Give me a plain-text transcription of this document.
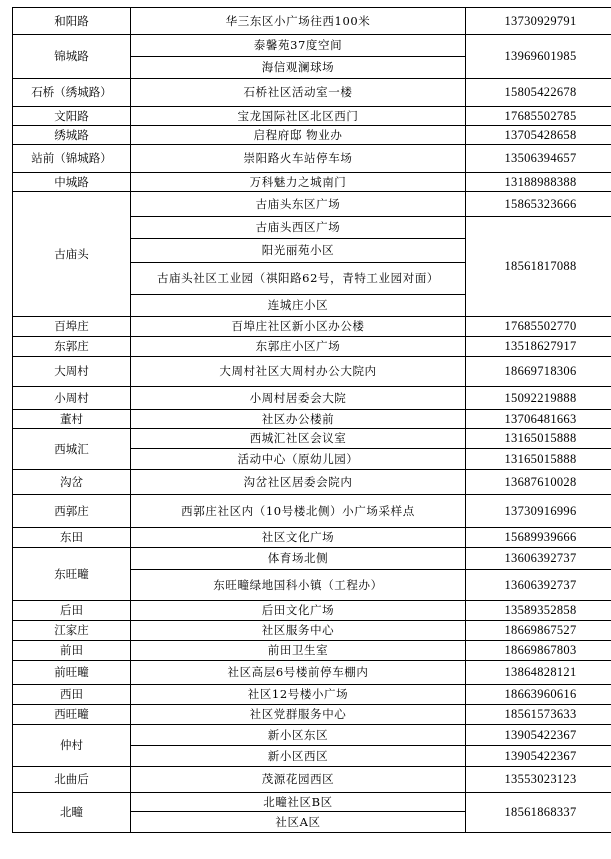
和阳路	华三东区小广场往西100米	13730929791
锦城路	泰馨苑37度空间	13969601985
	海信观澜球场	
石桥（绣城路）	石桥社区活动室一楼	15805422678
文阳路	宝龙国际社区北区西门	17685502785
绣城路	启程府邸 物业办	13705428658
站前（锦城路）	崇阳路火车站停车场	13506394657
中城路	万科魅力之城南门	13188988388
古庙头	古庙头东区广场	15865323666
	古庙头西区广场	18561817088
	阳光丽苑小区	
	古庙头社区工业园（祺阳路62号，青特工业园对面）	
	连城庄小区	
百埠庄	百埠庄社区新小区办公楼	17685502770
东郭庄	东郭庄小区广场	13518627917
大周村	大周村社区大周村办公大院内	18669718306
小周村	小周村居委会大院	15092219888
董村	社区办公楼前	13706481663
西城汇	西城汇社区会议室	13165015888
	活动中心（原幼儿园）	13165015888
沟岔	沟岔社区居委会院内	13687610028
西郭庄	西郭庄社区内（10号楼北侧）小广场采样点	13730916996
东田	社区文化广场	15689939666
东旺疃	体育场北侧	13606392737
	东旺疃绿地国科小镇（工程办）	13606392737
后田	后田文化广场	13589352858
江家庄	社区服务中心	18669867527
前田	前田卫生室	18669867803
前旺疃	社区高层6号楼前停车棚内	13864828121
西田	社区12号楼小广场	18663960616
西旺疃	社区党群服务中心	18561573633
仲村	新小区东区	13905422367
	新小区西区	13905422367
北曲后	茂源花园西区	13553023123
北疃	北疃社区B区	18561868337
	社区A区	
